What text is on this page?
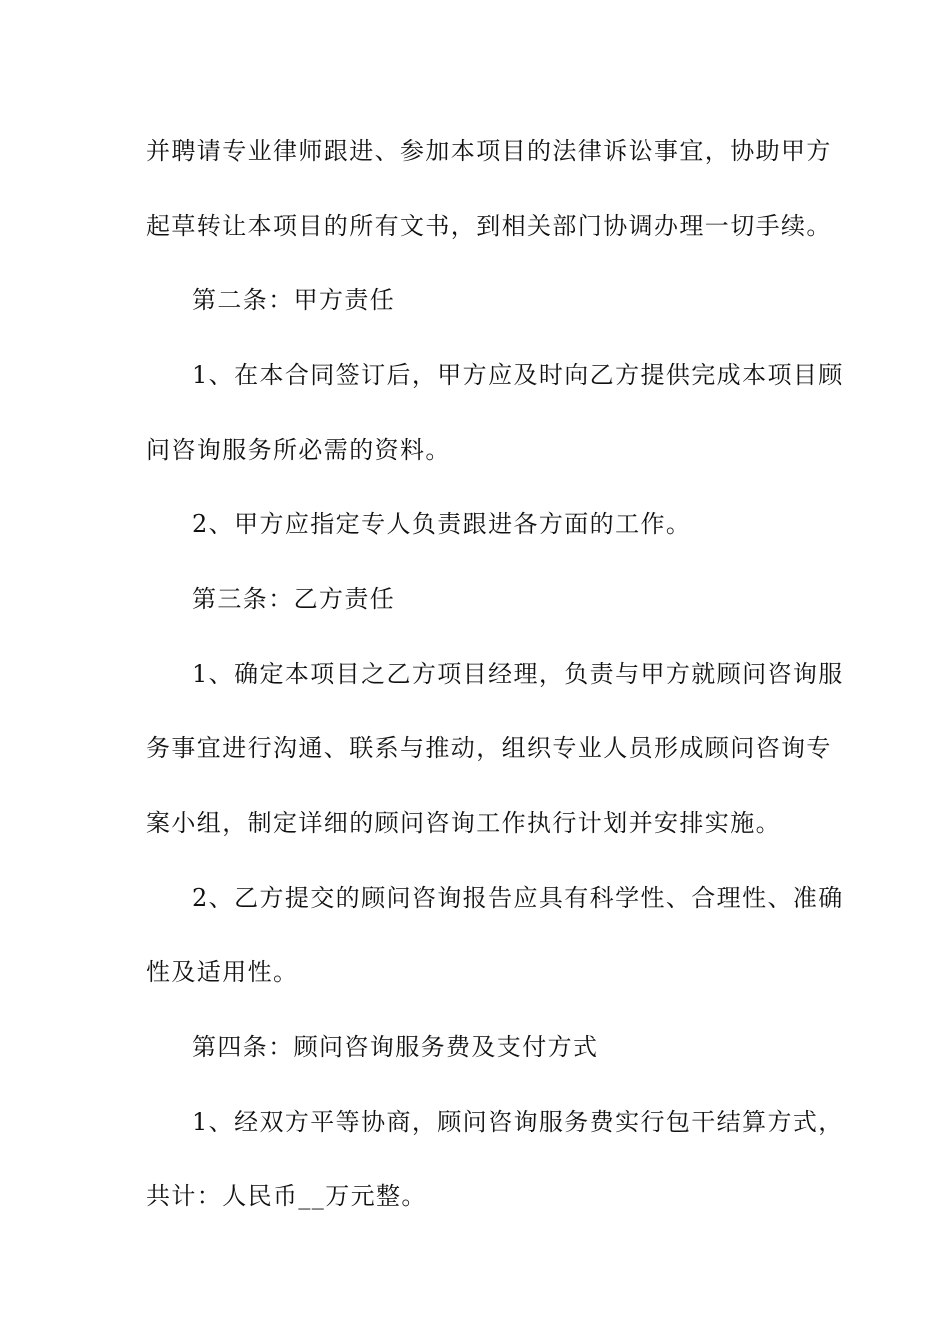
并聘请专业律师跟进、参加本项目的法律诉讼事宜，协助甲方
起草转让本项目的所有文书，到相关部门协调办理一切手续。
第二条：甲方责任
1、在本合同签订后，甲方应及时向乙方提供完成本项目顾
问咨询服务所必需的资料。
2、甲方应指定专人负责跟进各方面的工作。
第三条：乙方责任
1、确定本项目之乙方项目经理，负责与甲方就顾问咨询服
务事宜进行沟通、联系与推动，组织专业人员形成顾问咨询专
案小组，制定详细的顾问咨询工作执行计划并安排实施。
2、乙方提交的顾问咨询报告应具有科学性、合理性、准确
性及适用性。
第四条：顾问咨询服务费及支付方式
1、经双方平等协商，顾问咨询服务费实行包干结算方式，
共计：人民币__万元整。
